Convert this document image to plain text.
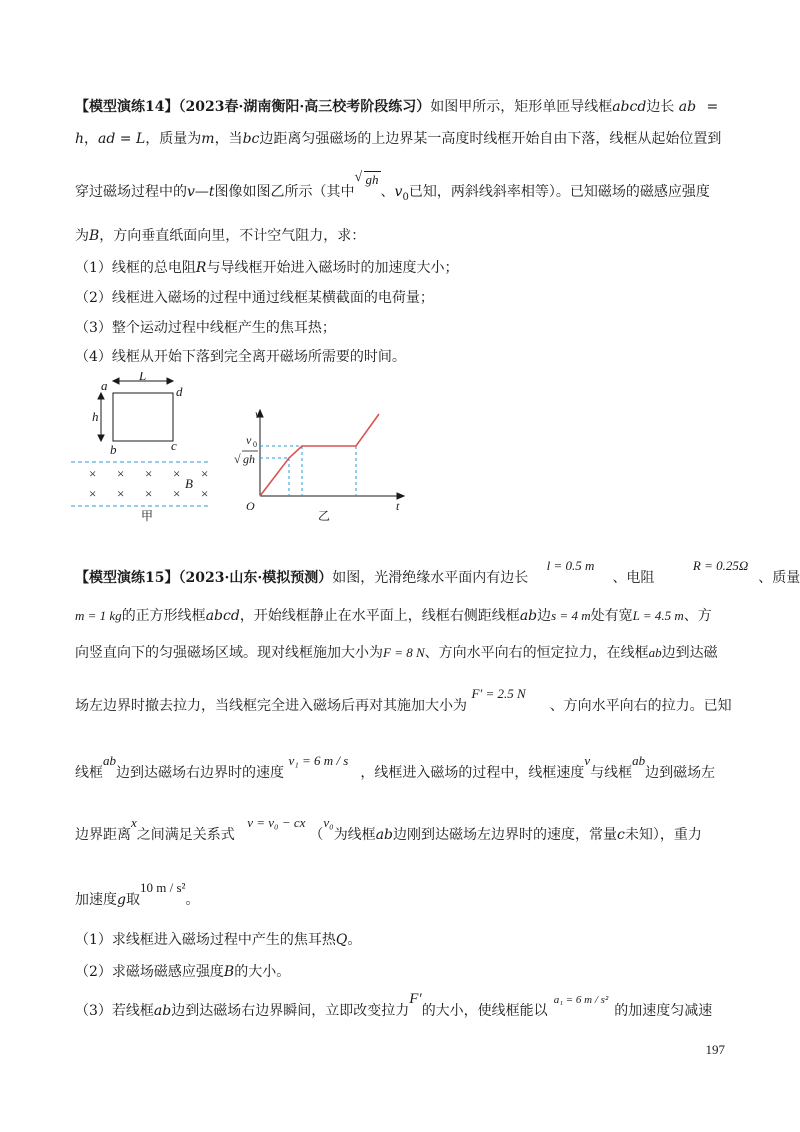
【模型演练14】（2023春·湖南衡阳·高三校考阶段练习）如图甲所示，矩形单匝导线框abcd边长 ab =
h，ad = L，质量为m，当bc边距离匀强磁场的上边界某一高度时线框开始自由下落，线框从起始位置到
穿过磁场过程中的v—t图像如图乙所示（其中√ gh、$v_0$已知，两斜线斜率相等）。已知磁场的磁感应强度
为B，方向垂直纸面向里，不计空气阻力，求：
（1）线框的总电阻R与导线框开始进入磁场时的加速度大小；
（2）线框进入磁场的过程中通过线框某横截面的电荷量；
（3）整个运动过程中线框产生的焦耳热；
（4）线框从开始下落到完全离开磁场所需要的时间。
a	d
b	c
L
h
B
× × × × ×
× × × × ×
甲
v
t
O
v 0
√ gh
乙
【模型演练15】（2023·山东·模拟预测）如图，光滑绝缘水平面内有边长 l = 0.5 m、电阻 R = 0.25Ω、质量
m = 1 kg的正方形线框abcd，开始线框静止在水平面上，线框右侧距线框ab边s = 4 m处有宽L = 4.5 m、方
向竖直向下的匀强磁场区域。现对线框施加大小为F = 8 N、方向水平向右的恒定拉力，在线框ab边到达磁
场左边界时撤去拉力，当线框完全进入磁场后再对其施加大小为 F′ = 2.5 N、方向水平向右的拉力。已知
线框ab边到达磁场右边界时的速度 v₁ = 6 m / s，线框进入磁场的过程中，线框速度v与线框ab边到磁场左
边界距离x之间满足关系式 v = v₀ − cx（v₀为线框ab边刚到达磁场左边界时的速度，常量c未知），重力
加速度g取10 m / s²。
（1）求线框进入磁场过程中产生的焦耳热Q。
（2）求磁场磁感应强度B的大小。
（3）若线框ab边到达磁场右边界瞬间，立即改变拉力F′的大小，使线框能以$^{a_1 = 6 m / s^2}$的加速度匀减速
197
